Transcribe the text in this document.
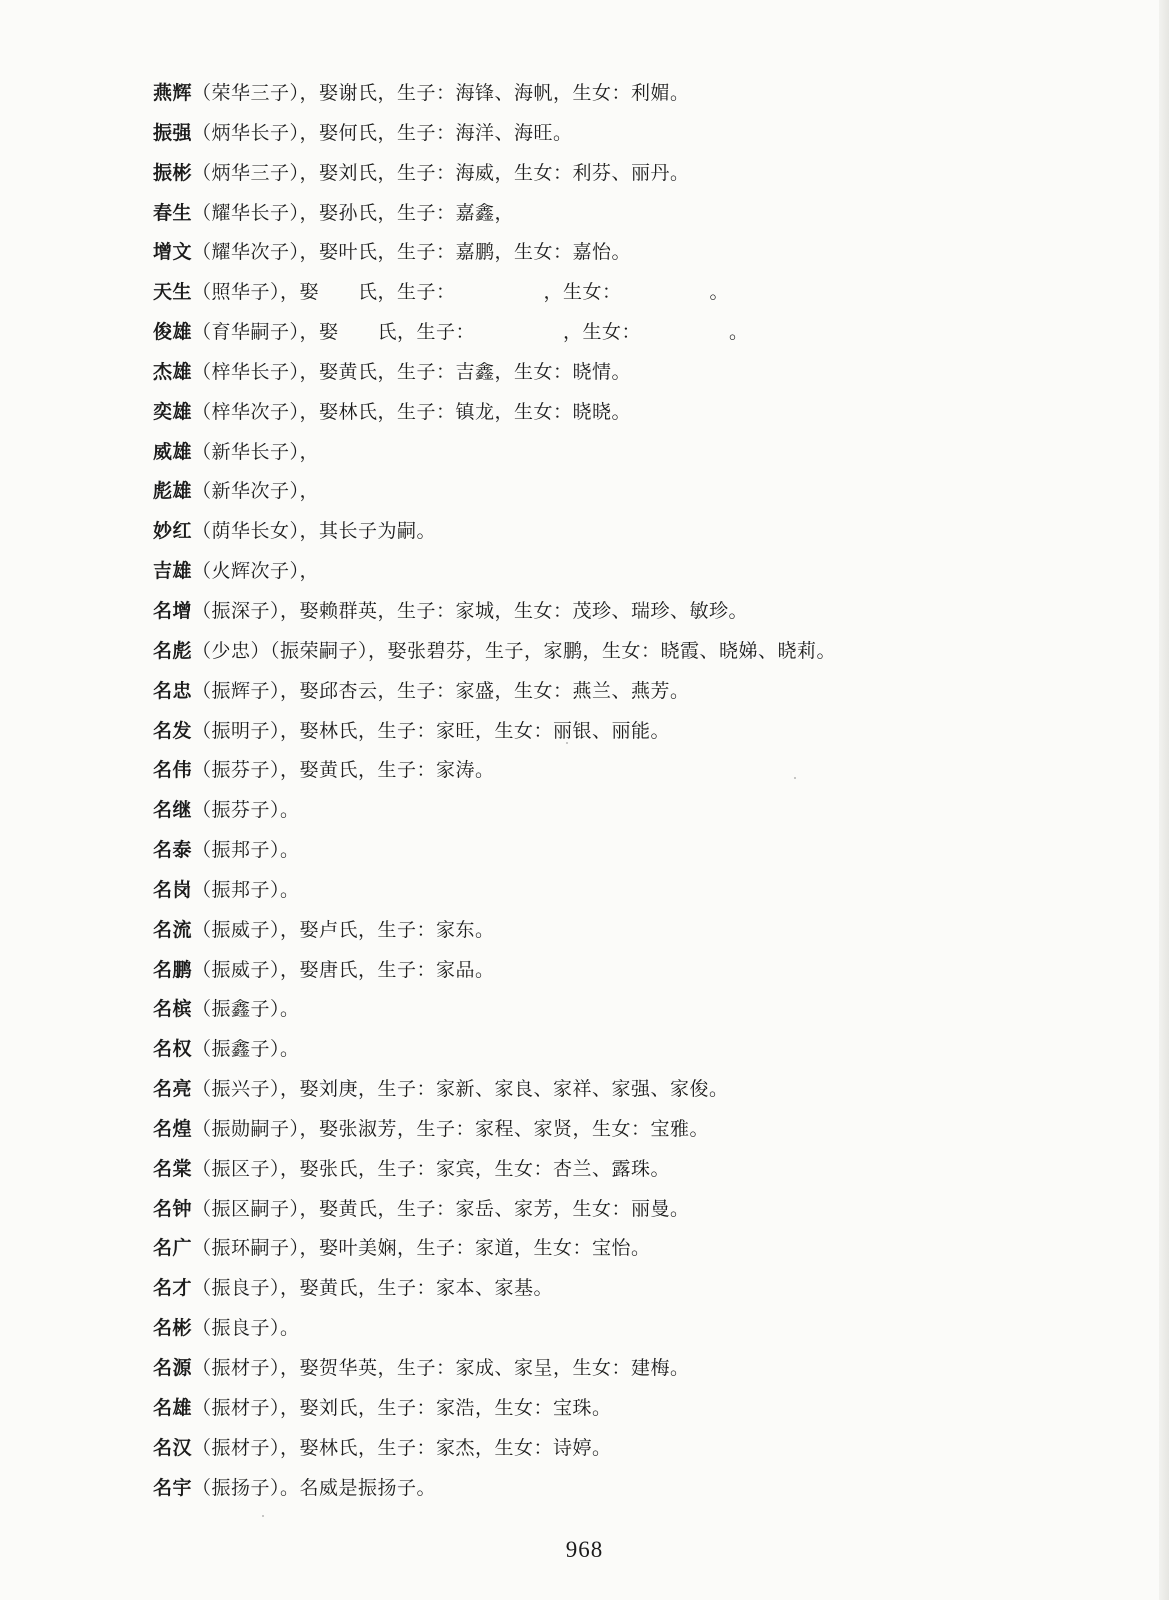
燕辉（荣华三子），娶谢氏，生子：海锋、海帆，生女：利媚。
振强（炳华长子），娶何氏，生子：海洋、海旺。
振彬（炳华三子），娶刘氏，生子：海威，生女：利芬、丽丹。
春生（耀华长子），娶孙氏，生子：嘉鑫，
增文（耀华次子），娶叶氏，生子：嘉鹏，生女：嘉怡。
天生（照华子），娶　　氏，生子：　　　　　，生女：　　　　　。
俊雄（育华嗣子），娶　　氏，生子：　　　　　，生女：　　　　　。
杰雄（梓华长子），娶黄氏，生子：吉鑫，生女：晓情。
奕雄（梓华次子），娶林氏，生子：镇龙，生女：晓晓。
威雄（新华长子），
彪雄（新华次子），
妙红（荫华长女），其长子为嗣。
吉雄（火辉次子），
名增（振深子），娶赖群英，生子：家城，生女：茂珍、瑞珍、敏珍。
名彪（少忠）（振荣嗣子），娶张碧芬，生子，家鹏，生女：晓霞、晓娣、晓莉。
名忠（振辉子），娶邱杏云，生子：家盛，生女：燕兰、燕芳。
名发（振明子），娶林氏，生子：家旺，生女：丽银、丽能。
名伟（振芬子），娶黄氏，生子：家涛。
名继（振芬子）。
名泰（振邦子）。
名岗（振邦子）。
名流（振威子），娶卢氏，生子：家东。
名鹏（振威子），娶唐氏，生子：家品。
名槟（振鑫子）。
名权（振鑫子）。
名亮（振兴子），娶刘庚，生子：家新、家良、家祥、家强、家俊。
名煌（振勋嗣子），娶张淑芳，生子：家程、家贤，生女：宝雅。
名棠（振区子），娶张氏，生子：家宾，生女：杏兰、露珠。
名钟（振区嗣子），娶黄氏，生子：家岳、家芳，生女：丽曼。
名广（振环嗣子），娶叶美娴，生子：家道，生女：宝怡。
名才（振良子），娶黄氏，生子：家本、家基。
名彬（振良子）。
名源（振材子），娶贺华英，生子：家成、家呈，生女：建梅。
名雄（振材子），娶刘氏，生子：家浩，生女：宝珠。
名汉（振材子），娶林氏，生子：家杰，生女：诗婷。
名宇（振扬子）。名威是振扬子。
968
